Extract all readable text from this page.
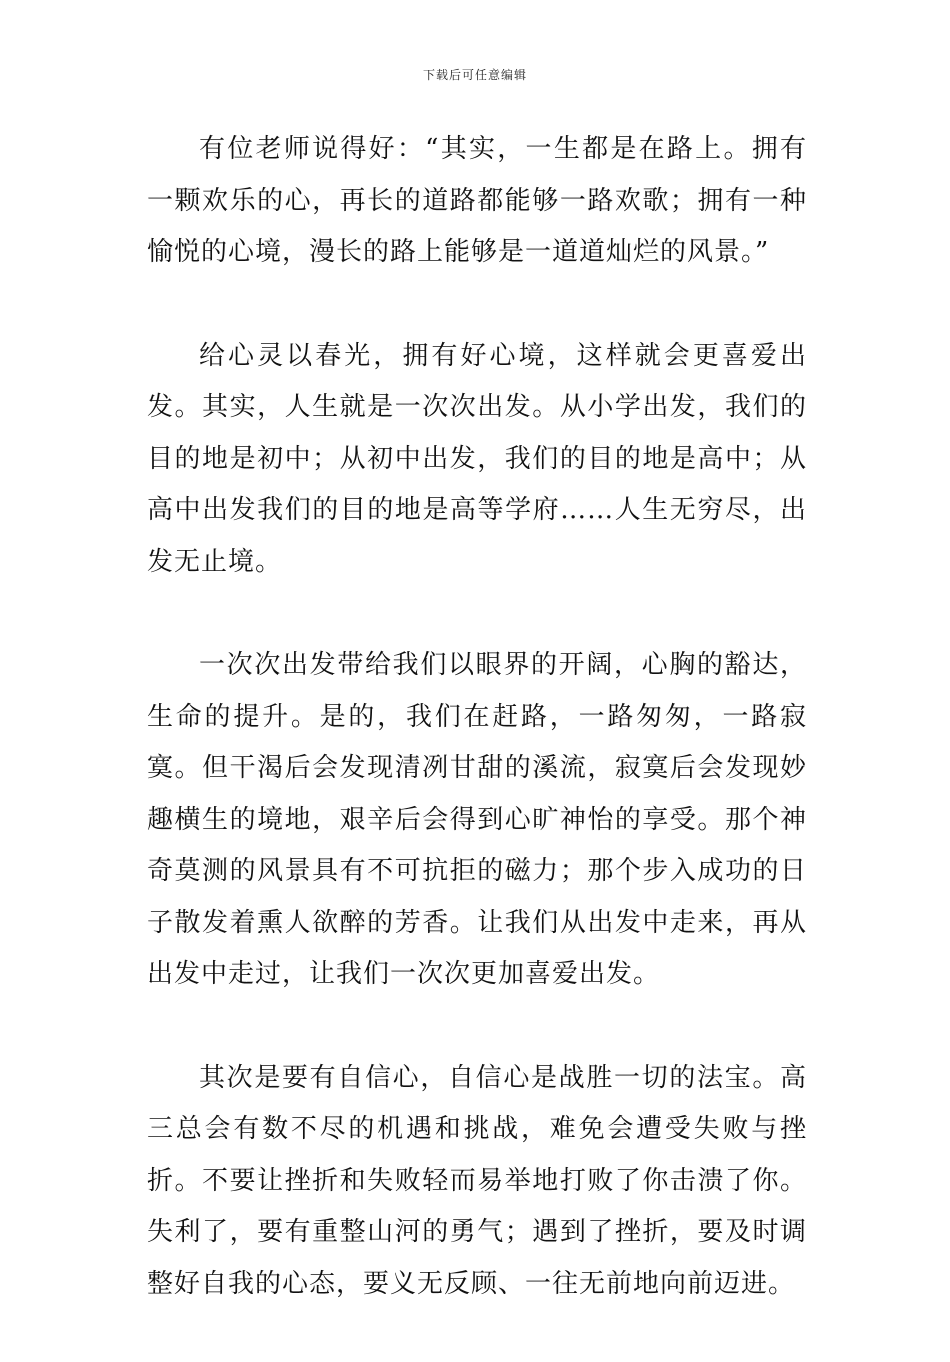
下载后可任意编辑

有位老师说得好：“其实，一生都是在路上。拥有一颗欢乐的心，再长的道路都能够一路欢歌；拥有一种愉悦的心境，漫长的路上能够是一道道灿烂的风景。”

给心灵以春光，拥有好心境，这样就会更喜爱出发。其实，人生就是一次次出发。从小学出发，我们的目的地是初中；从初中出发，我们的目的地是高中；从高中出发我们的目的地是高等学府……人生无穷尽，出发无止境。

一次次出发带给我们以眼界的开阔，心胸的豁达，生命的提升。是的，我们在赶路，一路匆匆，一路寂寞。但干渴后会发现清冽甘甜的溪流，寂寞后会发现妙趣横生的境地，艰辛后会得到心旷神怡的享受。那个神奇莫测的风景具有不可抗拒的磁力；那个步入成功的日子散发着熏人欲醉的芳香。让我们从出发中走来，再从出发中走过，让我们一次次更加喜爱出发。

其次是要有自信心，自信心是战胜一切的法宝。高三总会有数不尽的机遇和挑战，难免会遭受失败与挫折。不要让挫折和失败轻而易举地打败了你击溃了你。失利了，要有重整山河的勇气；遇到了挫折，要及时调整好自我的心态，要义无反顾、一往无前地向前迈进。
